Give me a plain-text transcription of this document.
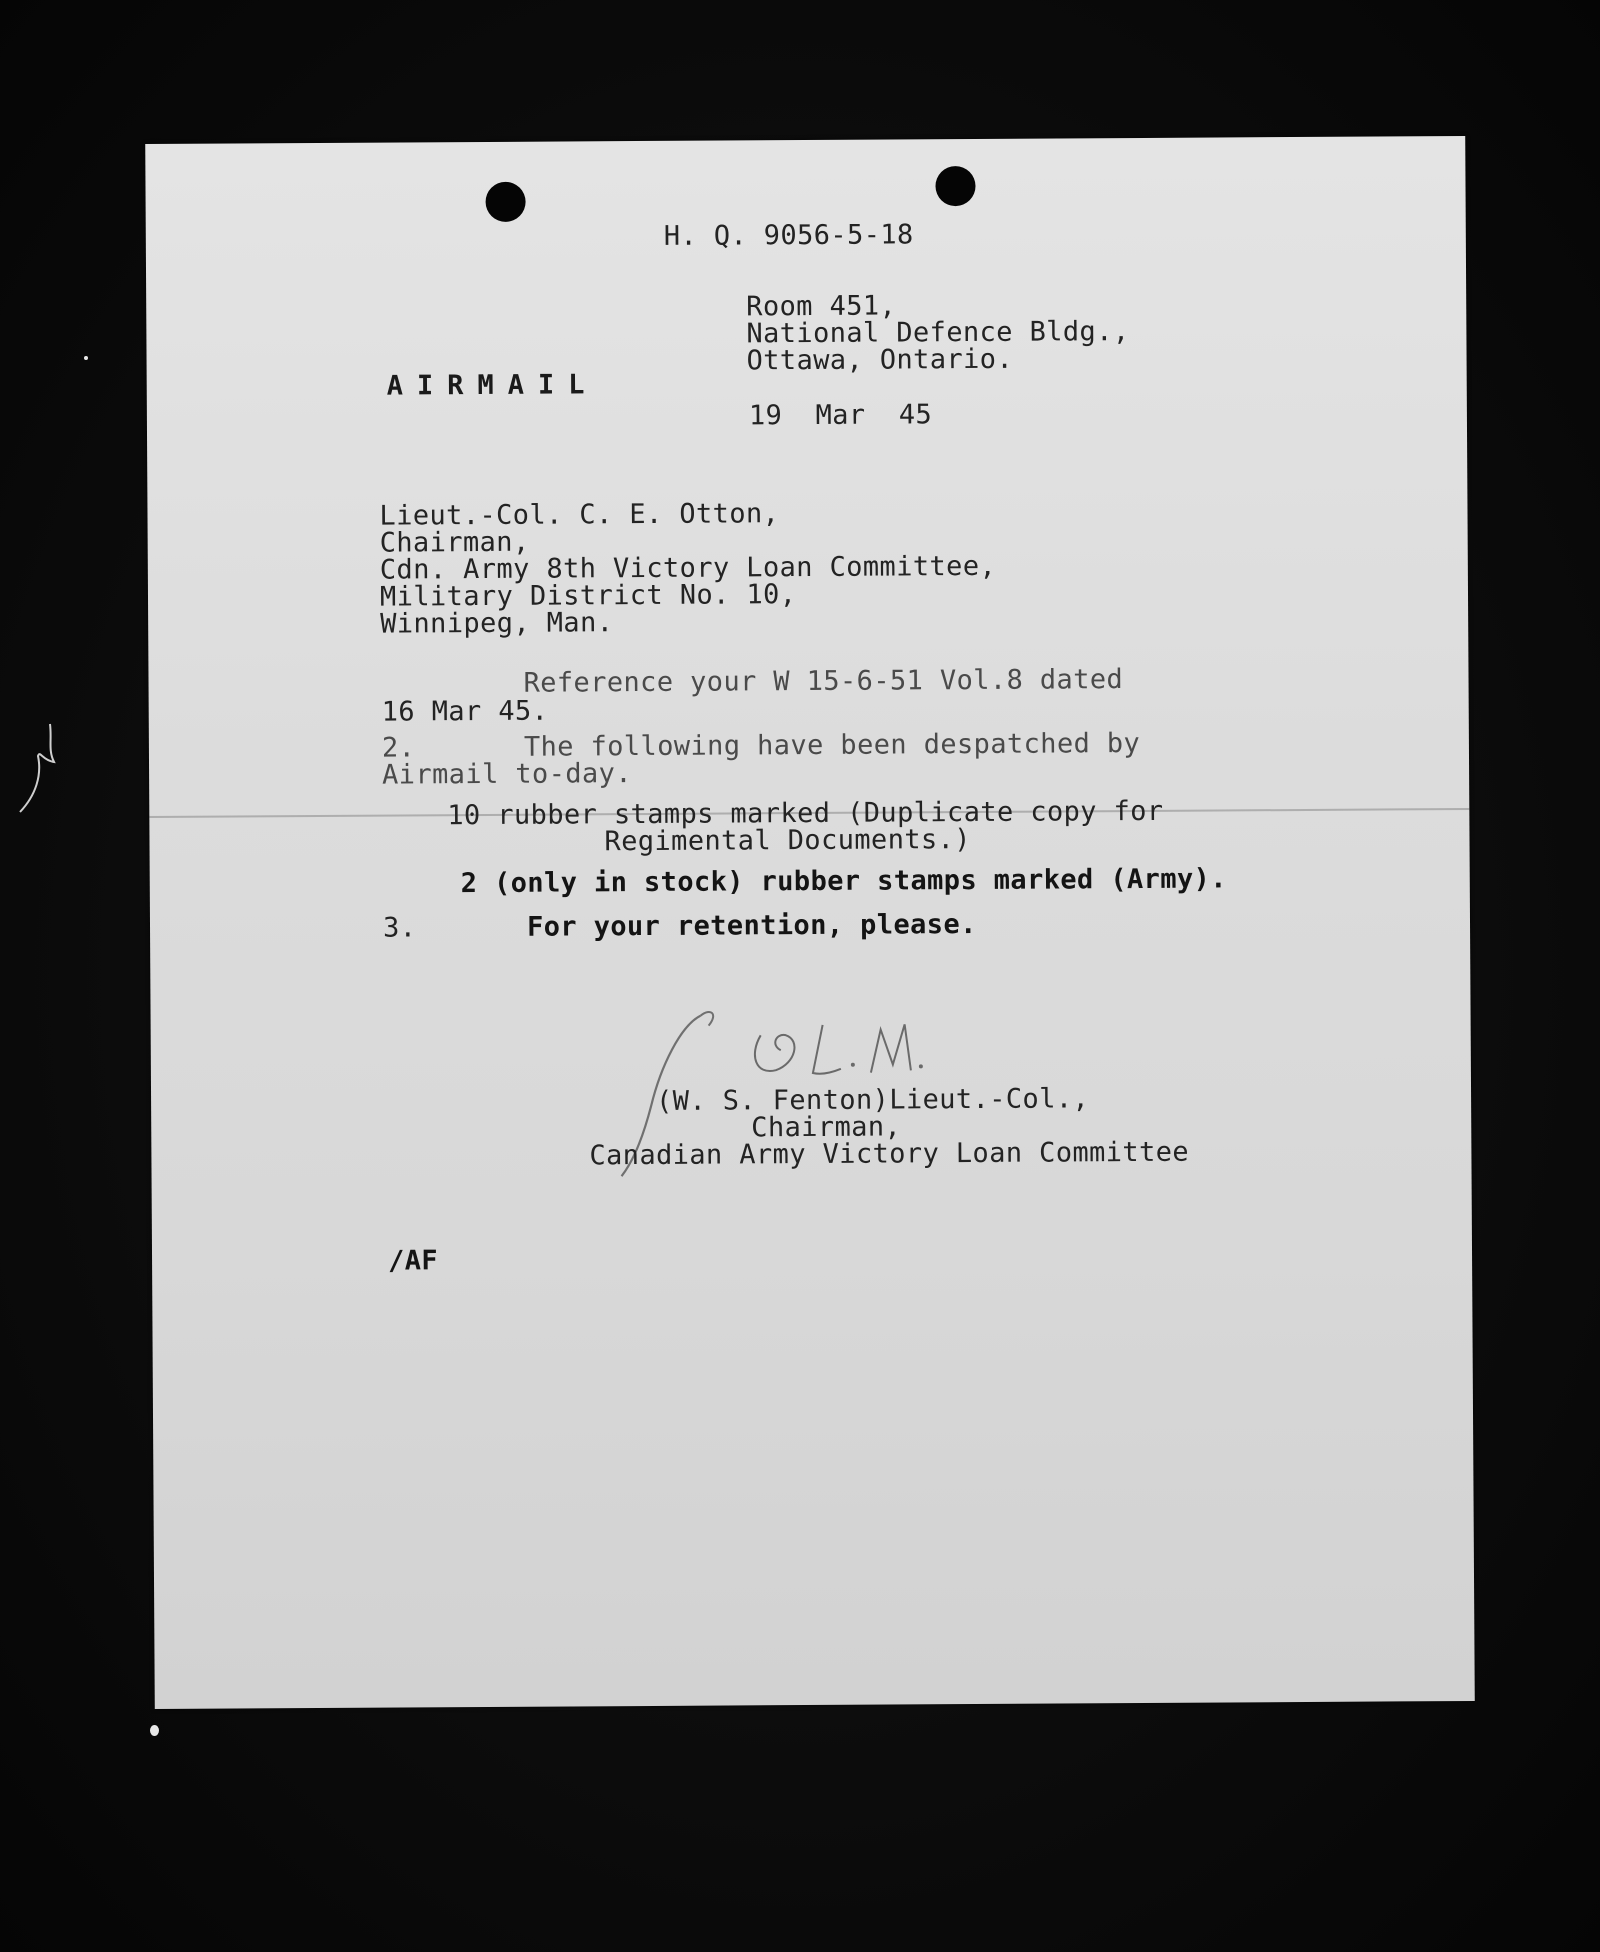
H. Q. 9056-5-18
Room 451,
National Defence Bldg.,
Ottawa, Ontario.
AIRMAIL
19  Mar  45
Lieut.-Col. C. E. Otton,
Chairman,
Cdn. Army 8th Victory Loan Committee,
Military District No. 10,
Winnipeg, Man.
Reference your W 15-6-51 Vol.8 dated
16 Mar 45.
2.	The following have been despatched by
Airmail to-day.
10 rubber stamps marked (Duplicate copy for
Regimental Documents.)
2 (only in stock) rubber stamps marked (Army).
3.	For your retention, please.
(W. S. Fenton)Lieut.-Col.,
Chairman,
Canadian Army Victory Loan Committee
/AF
